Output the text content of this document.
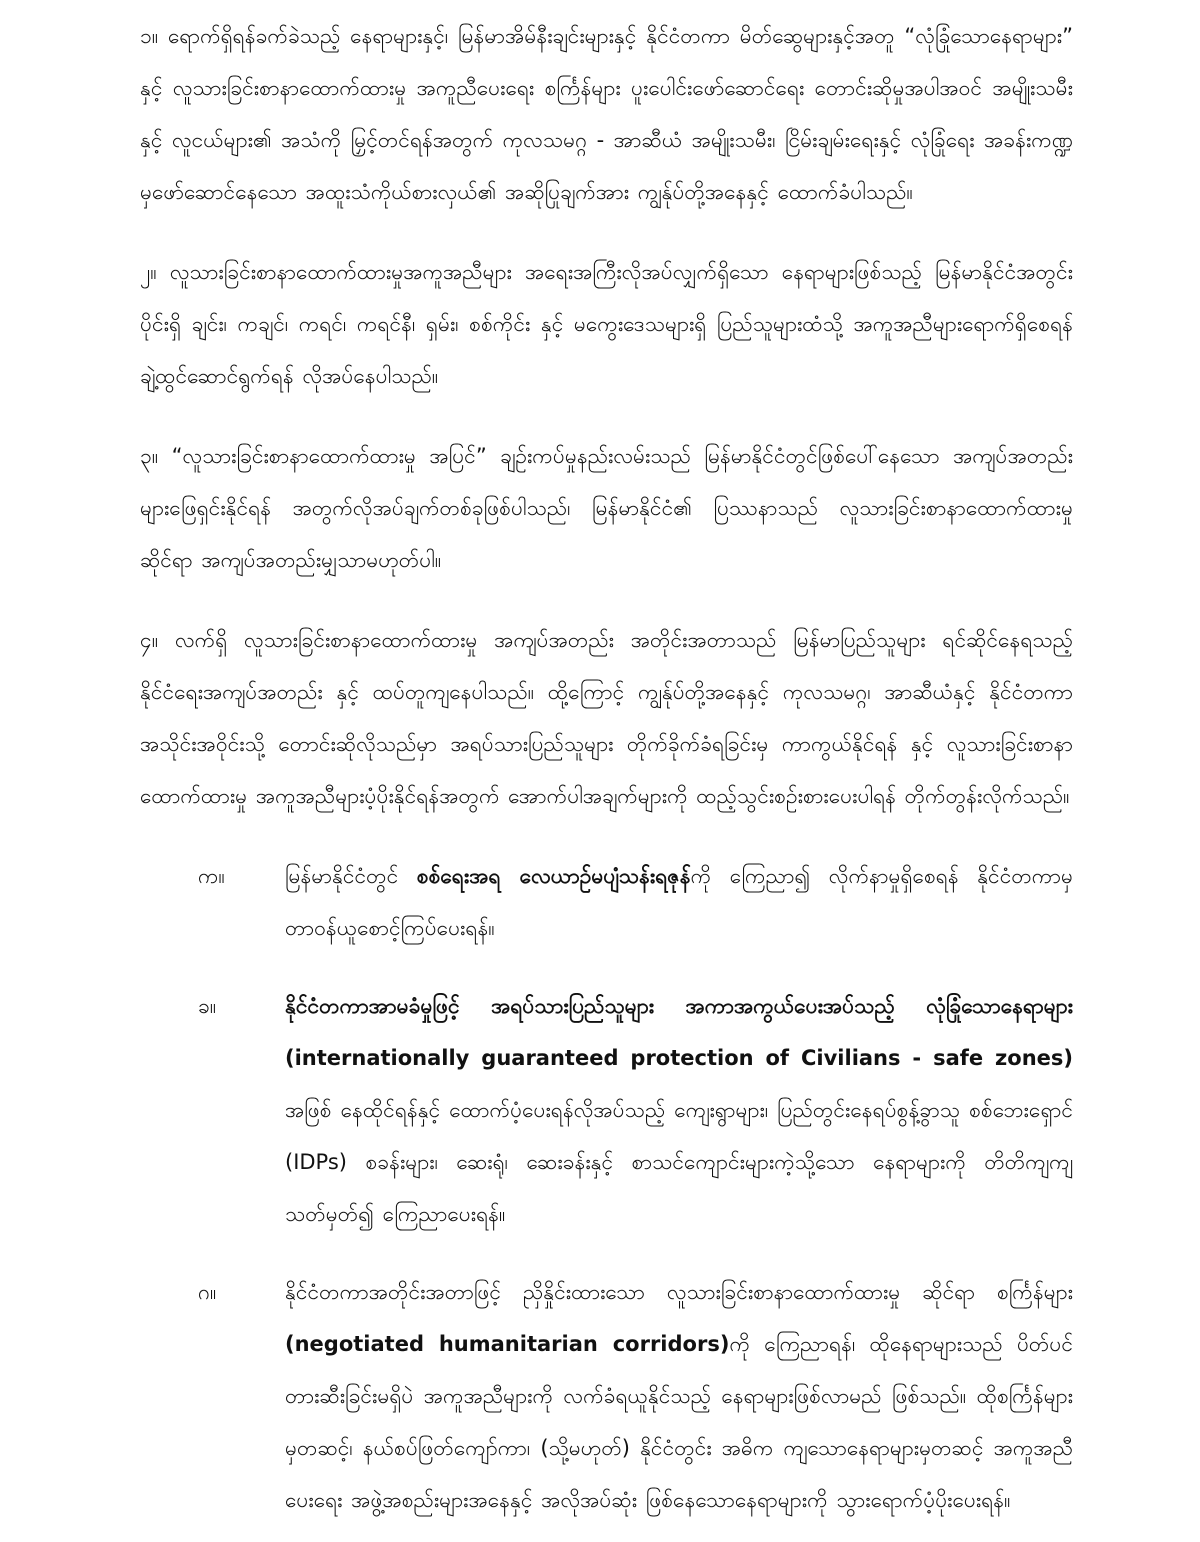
၁။ ရောက်ရှိရန်ခက်ခဲသည့် နေရာများနှင့်၊ မြန်မာအိမ်နီးချင်းများနှင့် နိုင်ငံတကာ မိတ်ဆွေများနှင့်အတူ “လုံခြုံသောနေရာများ” နှင့် လူသားခြင်းစာနာထောက်ထားမှု အကူညီပေးရေး စင်္ကြန်များ ပူးပေါင်းဖော်ဆောင်ရေး တောင်းဆိုမှုအပါအဝင် အမျိုးသမီးနှင့် လူငယ်များ၏ အသံကို မြှင့်တင်ရန်အတွက် ကုလသမဂ္ဂ - အာဆီယံ အမျိုးသမီး၊ ငြိမ်းချမ်းရေးနှင့် လုံခြုံရေး အခန်းကဏ္ဍမှဖော်ဆောင်နေသော အထူးသံကိုယ်စားလှယ်၏ အဆိုပြုချက်အား ကျွန်ုပ်တို့အနေနှင့် ထောက်ခံပါသည်။

၂။ လူသားခြင်းစာနာထောက်ထားမှုအကူအညီများ အရေးအကြီးလိုအပ်လျှက်ရှိသော နေရာများဖြစ်သည့် မြန်မာနိုင်ငံအတွင်းပိုင်းရှိ ချင်း၊ ကချင်၊ ကရင်၊ ကရင်နီ၊ ရှမ်း၊ စစ်ကိုင်း နှင့် မကွေးဒေသများရှိ ပြည်သူများထံသို့ အကူအညီများရောက်ရှိစေရန် ချဲ့ထွင်ဆောင်ရွက်ရန် လိုအပ်နေပါသည်။

၃။ “လူသားခြင်းစာနာထောက်ထားမှု အပြင်” ချဉ်းကပ်မှုနည်းလမ်းသည် မြန်မာနိုင်ငံတွင်ဖြစ်ပေါ်နေသော အကျပ်အတည်းများဖြေရှင်းနိုင်ရန် အတွက်လိုအပ်ချက်တစ်ခုဖြစ်ပါသည်၊ မြန်မာနိုင်ငံ၏ ပြဿနာသည် လူသားခြင်းစာနာထောက်ထားမှု ဆိုင်ရာ အကျပ်အတည်းမျှသာမဟုတ်ပါ။

၄။ လက်ရှိ လူသားခြင်းစာနာထောက်ထားမှု အကျပ်အတည်း အတိုင်းအတာသည် မြန်မာပြည်သူများ ရင်ဆိုင်နေရသည့် နိုင်ငံရေးအကျပ်အတည်း နှင့် ထပ်တူကျနေပါသည်။ ထို့ကြောင့် ကျွန်ုပ်တို့အနေနှင့် ကုလသမဂ္ဂ၊ အာဆီယံနှင့် နိုင်ငံတကာအသိုင်းအဝိုင်းသို့ တောင်းဆိုလိုသည်မှာ အရပ်သားပြည်သူများ တိုက်ခိုက်ခံရခြင်းမှ ကာကွယ်နိုင်ရန် နှင့် လူသားခြင်းစာနာထောက်ထားမှု အကူအညီများပံ့ပိုးနိုင်ရန်အတွက် အောက်ပါအချက်များကို ထည့်သွင်းစဉ်းစားပေးပါရန် တိုက်တွန်းလိုက်သည်။

က။	မြန်မာနိုင်ငံတွင် စစ်ရေးအရ လေယာဉ်မပျံသန်းရဇုန်ကို ကြေညာ၍ လိုက်နာမှုရှိစေရန် နိုင်ငံတကာမှ တာဝန်ယူစောင့်ကြပ်ပေးရန်။
ခ။	နိုင်ငံတကာအာမခံမှုဖြင့် အရပ်သားပြည်သူများ အကာအကွယ်ပေးအပ်သည့် လုံခြုံသောနေရာများ (internationally guaranteed protection of Civilians - safe zones) အဖြစ် နေထိုင်ရန်နှင့် ထောက်ပံ့ပေးရန်လိုအပ်သည့် ကျေးရွာများ၊ ပြည်တွင်းနေရပ်စွန့်ခွာသူ စစ်ဘေးရှောင် (IDPs) စခန်းများ၊ ဆေးရုံ၊ ဆေးခန်းနှင့် စာသင်ကျောင်းများကဲ့သို့သော နေရာများကို တိတိကျကျသတ်မှတ်၍ ကြေညာပေးရန်။
ဂ။	နိုင်ငံတကာအတိုင်းအတာဖြင့် ညှိနှိုင်းထားသော လူသားခြင်းစာနာထောက်ထားမှု ဆိုင်ရာ စင်္ကြန်များ (negotiated humanitarian corridors)ကို ကြေညာရန်၊ ထိုနေရာများသည် ပိတ်ပင်တားဆီးခြင်းမရှိပဲ အကူအညီများကို လက်ခံရယူနိုင်သည့် နေရာများဖြစ်လာမည် ဖြစ်သည်။ ထိုစင်္ကြန်များမှတဆင့်၊ နယ်စပ်ဖြတ်ကျော်ကာ၊ (သို့မဟုတ်) နိုင်ငံတွင်း အဓိက ကျသောနေရာများမှတဆင့် အကူအညီပေးရေး အဖွဲ့အစည်းများအနေနှင့် အလိုအပ်ဆုံး ဖြစ်နေသောနေရာများကို သွားရောက်ပံ့ပိုးပေးရန်။
